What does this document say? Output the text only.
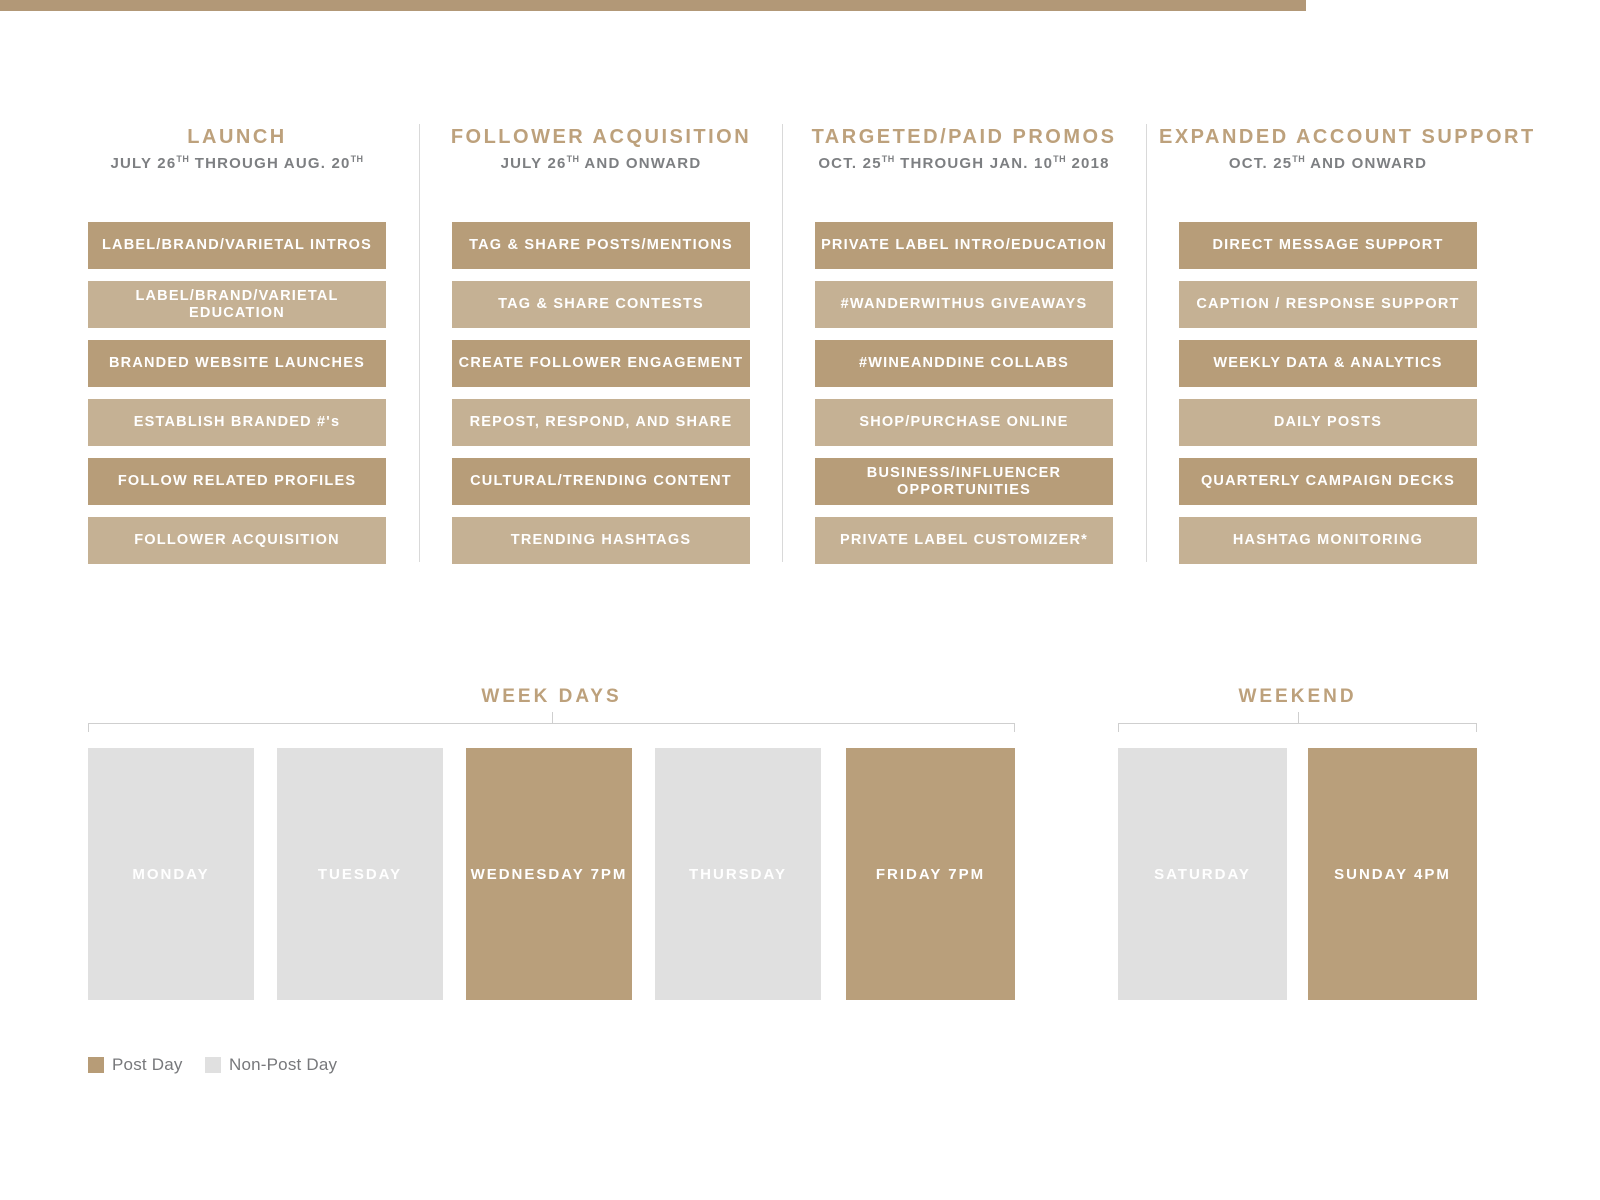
LAUNCH
JULY 26TH THROUGH AUG. 20TH
FOLLOWER ACQUISITION
JULY 26TH AND ONWARD
TARGETED/PAID PROMOS
OCT. 25TH THROUGH JAN. 10TH 2018
EXPANDED ACCOUNT SUPPORT
OCT. 25TH AND ONWARD
LABEL/BRAND/VARIETAL INTROS
LABEL/BRAND/VARIETAL EDUCATION
BRANDED WEBSITE LAUNCHES
ESTABLISH BRANDED #'s
FOLLOW RELATED PROFILES
FOLLOWER ACQUISITION
TAG & SHARE POSTS/MENTIONS
TAG & SHARE CONTESTS
CREATE FOLLOWER ENGAGEMENT
REPOST, RESPOND, AND SHARE
CULTURAL/TRENDING CONTENT
TRENDING HASHTAGS
PRIVATE LABEL INTRO/EDUCATION
#WANDERWITHUS GIVEAWAYS
#WINEANDDINE COLLABS
SHOP/PURCHASE ONLINE
BUSINESS/INFLUENCER OPPORTUNITIES
PRIVATE LABEL CUSTOMIZER*
DIRECT MESSAGE SUPPORT
CAPTION / RESPONSE SUPPORT
WEEKLY DATA & ANALYTICS
DAILY POSTS
QUARTERLY CAMPAIGN DECKS
HASHTAG MONITORING
WEEK DAYS	WEEKEND
MONDAY	TUESDAY	WEDNESDAY 7PM	THURSDAY	FRIDAY 7PM	SATURDAY	SUNDAY 4PM
Post Day	Non-Post Day
